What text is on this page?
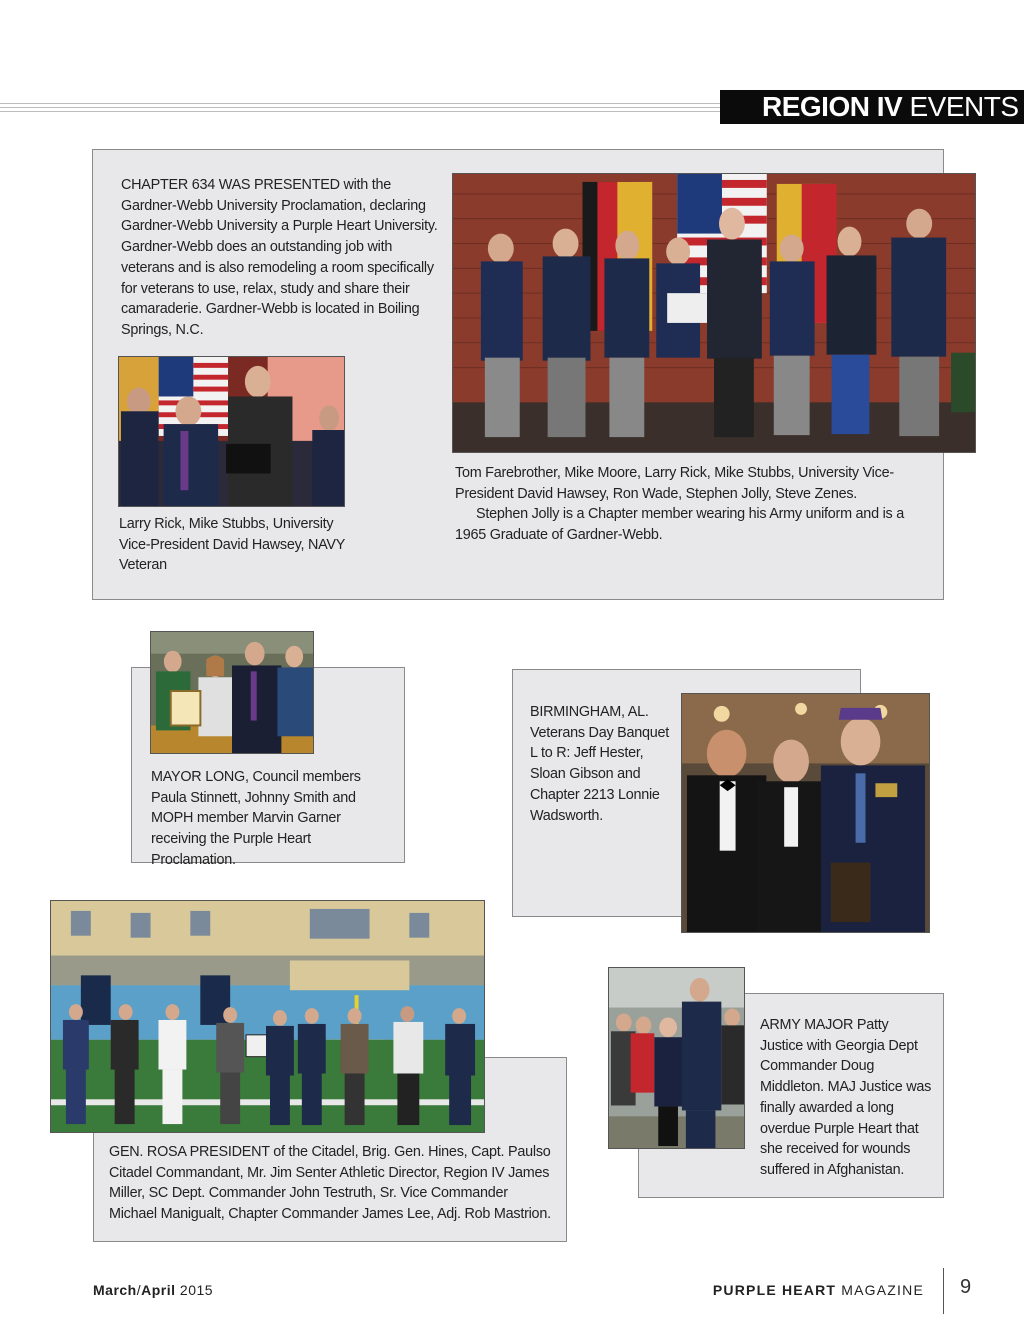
REGION IV EVENTS
CHAPTER 634 WAS PRESENTED with the Gardner-Webb University Proclamation, declaring Gardner-Webb University a Purple Heart University. Gardner-Webb does an outstanding job with veterans and is also remodeling a room specifically for veterans to use, relax, study and share their camaraderie. Gardner-Webb is located in Boiling Springs, N.C.
Larry Rick, Mike Stubbs, University Vice-President David Hawsey, NAVY Veteran
Tom Farebrother, Mike Moore, Larry Rick, Mike Stubbs, University Vice-President David Hawsey, Ron Wade, Stephen Jolly, Steve Zenes.
Stephen Jolly is a Chapter member wearing his Army uniform and is a 1965 Graduate of Gardner-Webb.
MAYOR LONG, Council members Paula Stinnett, Johnny Smith and MOPH member Marvin Garner receiving the Purple Heart Proclamation.
BIRMINGHAM, AL. Veterans Day Banquet L to R: Jeff Hester, Sloan Gibson and Chapter 2213 Lonnie Wadsworth.
GEN. ROSA PRESIDENT of the Citadel, Brig. Gen. Hines, Capt. Paulso Citadel Commandant, Mr. Jim Senter Athletic Director, Region IV James Miller, SC Dept. Commander John Testruth, Sr. Vice Commander Michael Manigualt, Chapter Commander James Lee, Adj. Rob Mastrion.
ARMY MAJOR Patty Justice with Georgia Dept Commander Doug Middleton. MAJ Justice was finally awarded a long overdue Purple Heart that she received for wounds suffered in Afghanistan.
March/April 2015	PURPLE HEART MAGAZINE 9
